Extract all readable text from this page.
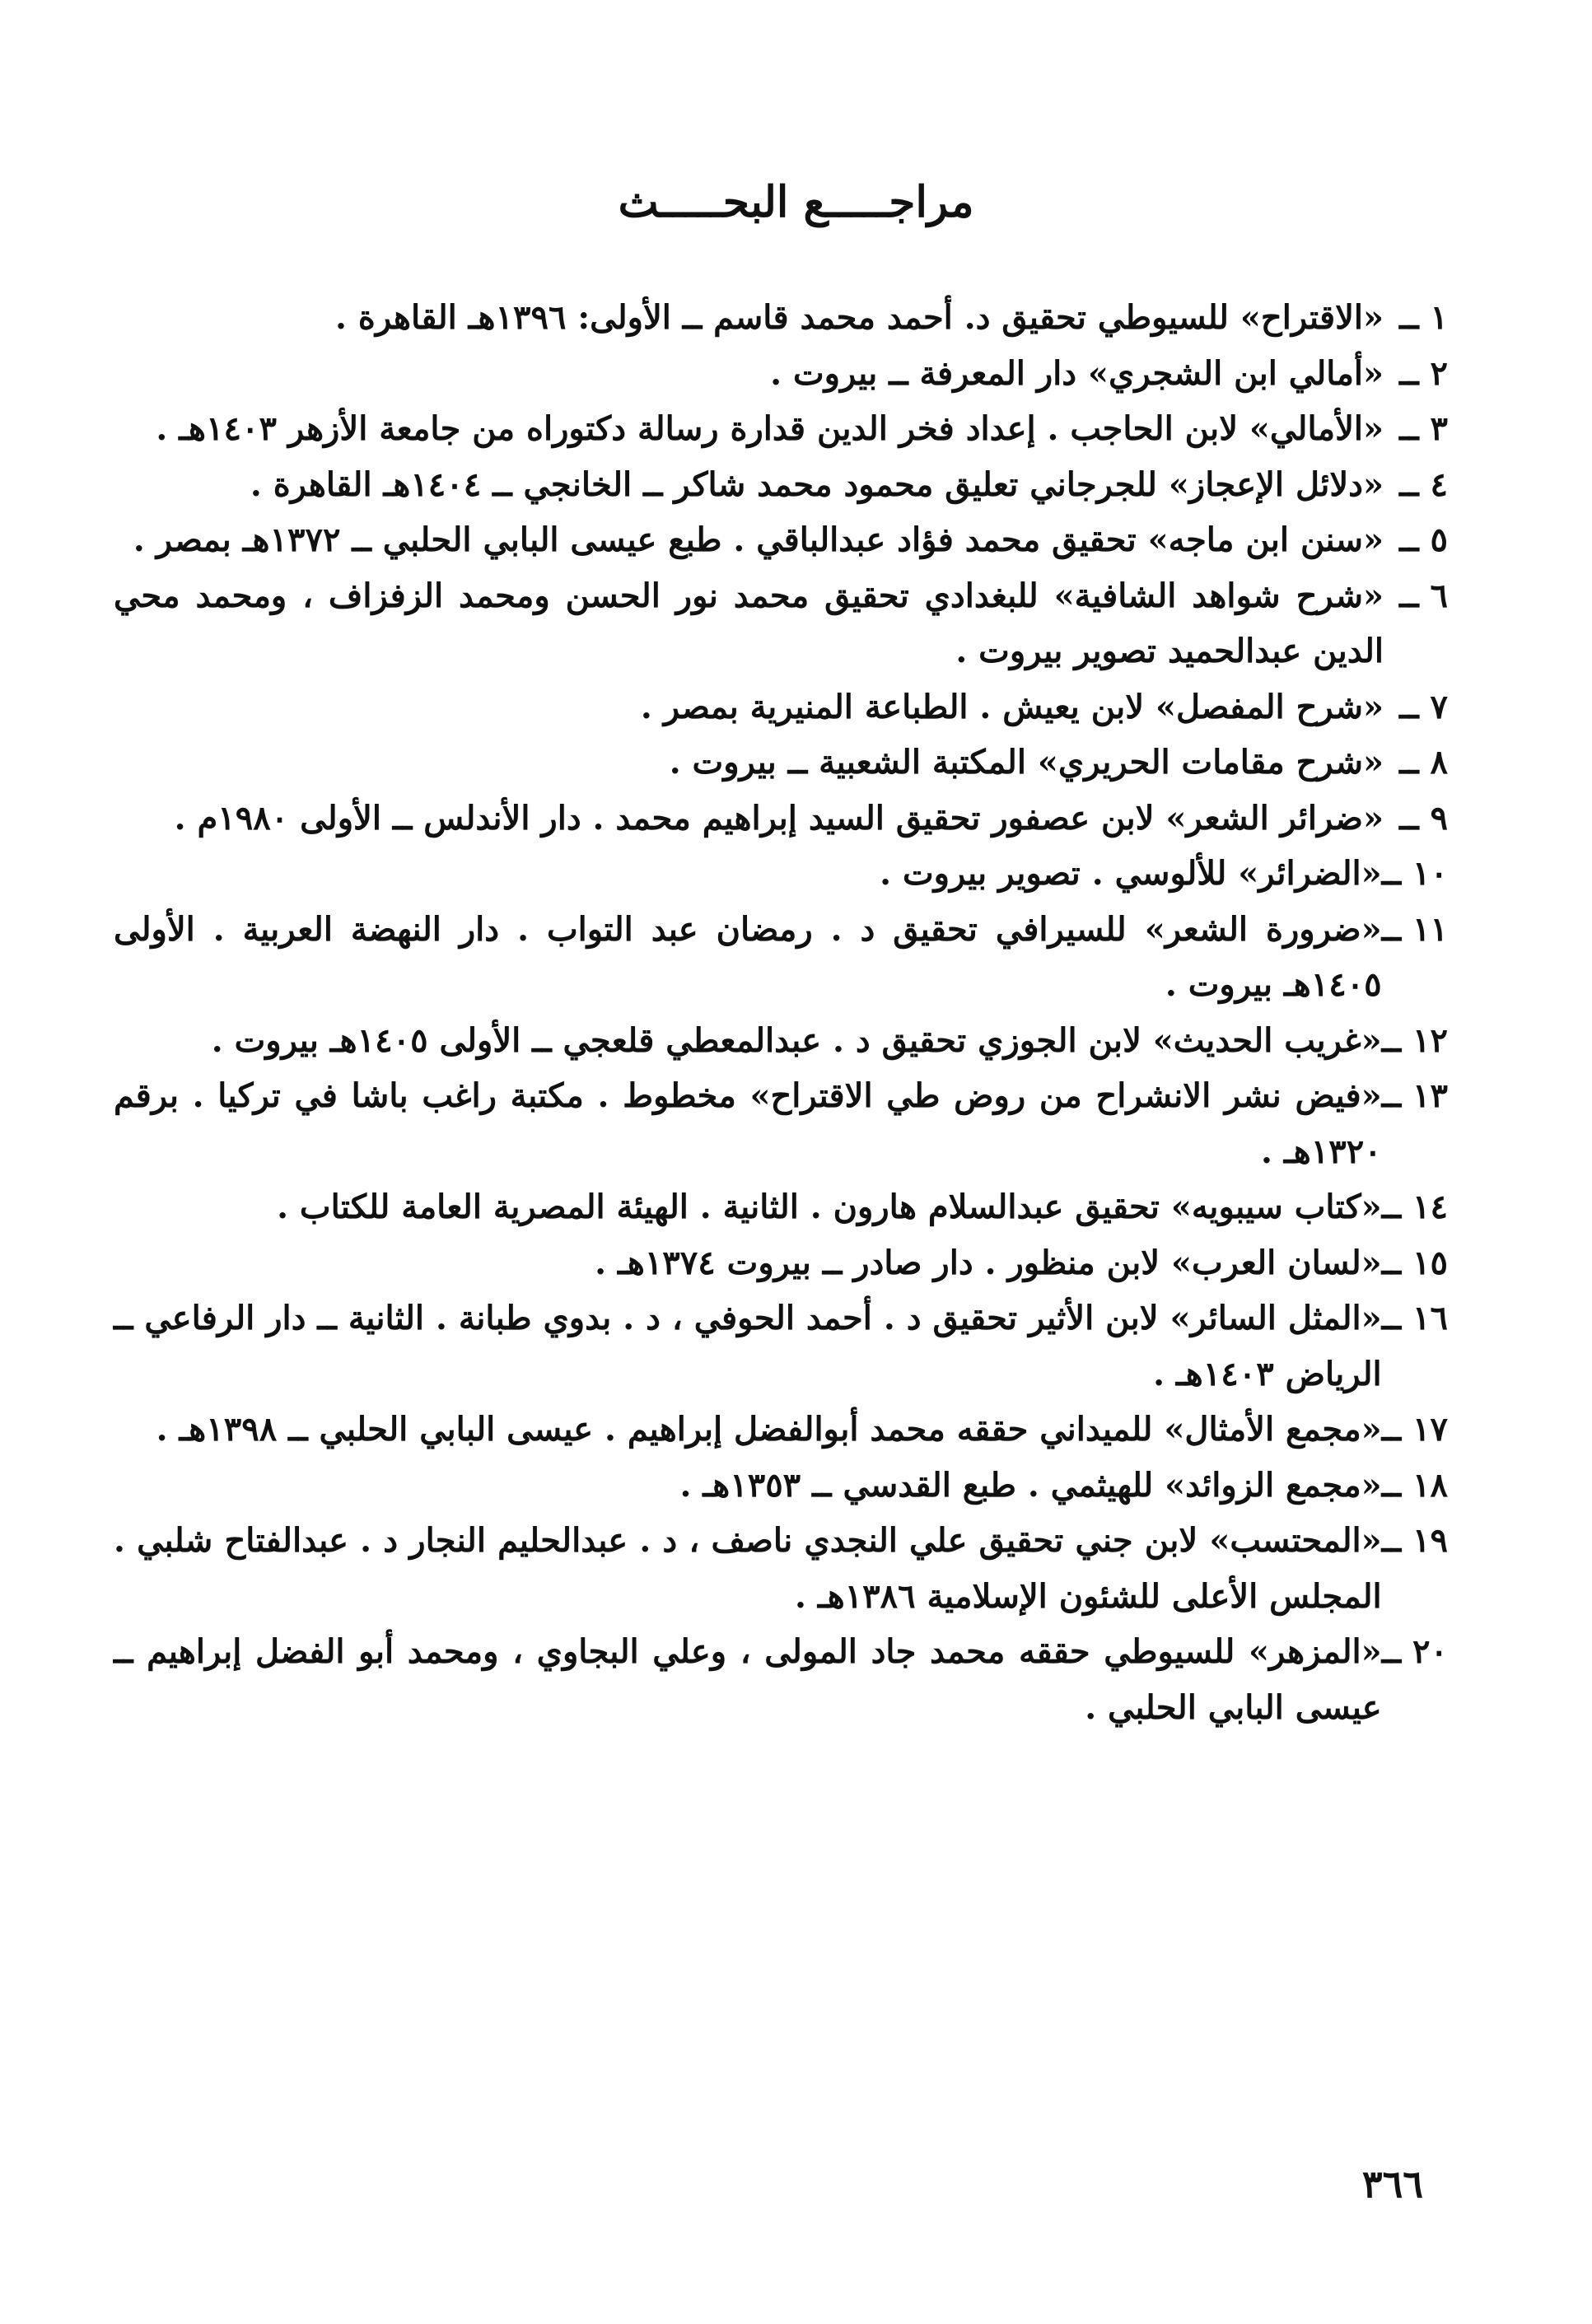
مراجـــــع البحـــــث
١ ــ
«الاقتراح» للسيوطي تحقيق د. أحمد محمد قاسم ــ الأولى: ١٣٩٦هـ القاهرة .
٢ ــ
«أمالي ابن الشجري» دار المعرفة ــ بيروت .
٣ ــ
«الأمالي» لابن الحاجب . إعداد فخر الدين قدارة رسالة دكتوراه من جامعة الأزهر ١٤٠٣هـ .
٤ ــ
«دلائل الإعجاز» للجرجاني تعليق محمود محمد شاكر ــ الخانجي ــ ١٤٠٤هـ القاهرة .
٥ ــ
«سنن ابن ماجه» تحقيق محمد فؤاد عبدالباقي . طبع عيسى البابي الحلبي ــ ١٣٧٢هـ بمصر .
٦ ــ
«شرح شواهد الشافية» للبغدادي تحقيق محمد نور الحسن ومحمد الزفزاف ، ومحمد محي الدين عبدالحميد تصوير بيروت .
٧ ــ
«شرح المفصل» لابن يعيش . الطباعة المنيرية بمصر .
٨ ــ
«شرح مقامات الحريري» المكتبة الشعبية ــ بيروت .
٩ ــ
«ضرائر الشعر» لابن عصفور تحقيق السيد إبراهيم محمد . دار الأندلس ــ الأولى ١٩٨٠م .
١٠ ــ
«الضرائر» للألوسي . تصوير بيروت .
١١ ــ
«ضرورة الشعر» للسيرافي تحقيق د . رمضان عبد التواب . دار النهضة العربية . الأولى ١٤٠٥هـ بيروت .
١٢ ــ
«غريب الحديث» لابن الجوزي تحقيق د . عبدالمعطي قلعجي ــ الأولى ١٤٠٥هـ بيروت .
١٣ ــ
«فيض نشر الانشراح من روض طي الاقتراح» مخطوط . مكتبة راغب باشا في تركيا . برقم ١٣٢٠هـ .
١٤ ــ
«كتاب سيبويه» تحقيق عبدالسلام هارون . الثانية . الهيئة المصرية العامة للكتاب .
١٥ ــ
«لسان العرب» لابن منظور . دار صادر ــ بيروت ١٣٧٤هـ .
١٦ ــ
«المثل السائر» لابن الأثير تحقيق د . أحمد الحوفي ، د . بدوي طبانة . الثانية ــ دار الرفاعي ــ الرياض ١٤٠٣هـ .
١٧ ــ
«مجمع الأمثال» للميداني حققه محمد أبوالفضل إبراهيم . عيسى البابي الحلبي ــ ١٣٩٨هـ .
١٨ ــ
«مجمع الزوائد» للهيثمي . طبع القدسي ــ ١٣٥٣هـ .
١٩ ــ
«المحتسب» لابن جني تحقيق علي النجدي ناصف ، د . عبدالحليم النجار د . عبدالفتاح شلبي . المجلس الأعلى للشئون الإسلامية ١٣٨٦هـ .
٢٠ ــ
«المزهر» للسيوطي حققه محمد جاد المولى ، وعلي البجاوي ، ومحمد أبو الفضل إبراهيم ــ عيسى البابي الحلبي .
٣٦٦
